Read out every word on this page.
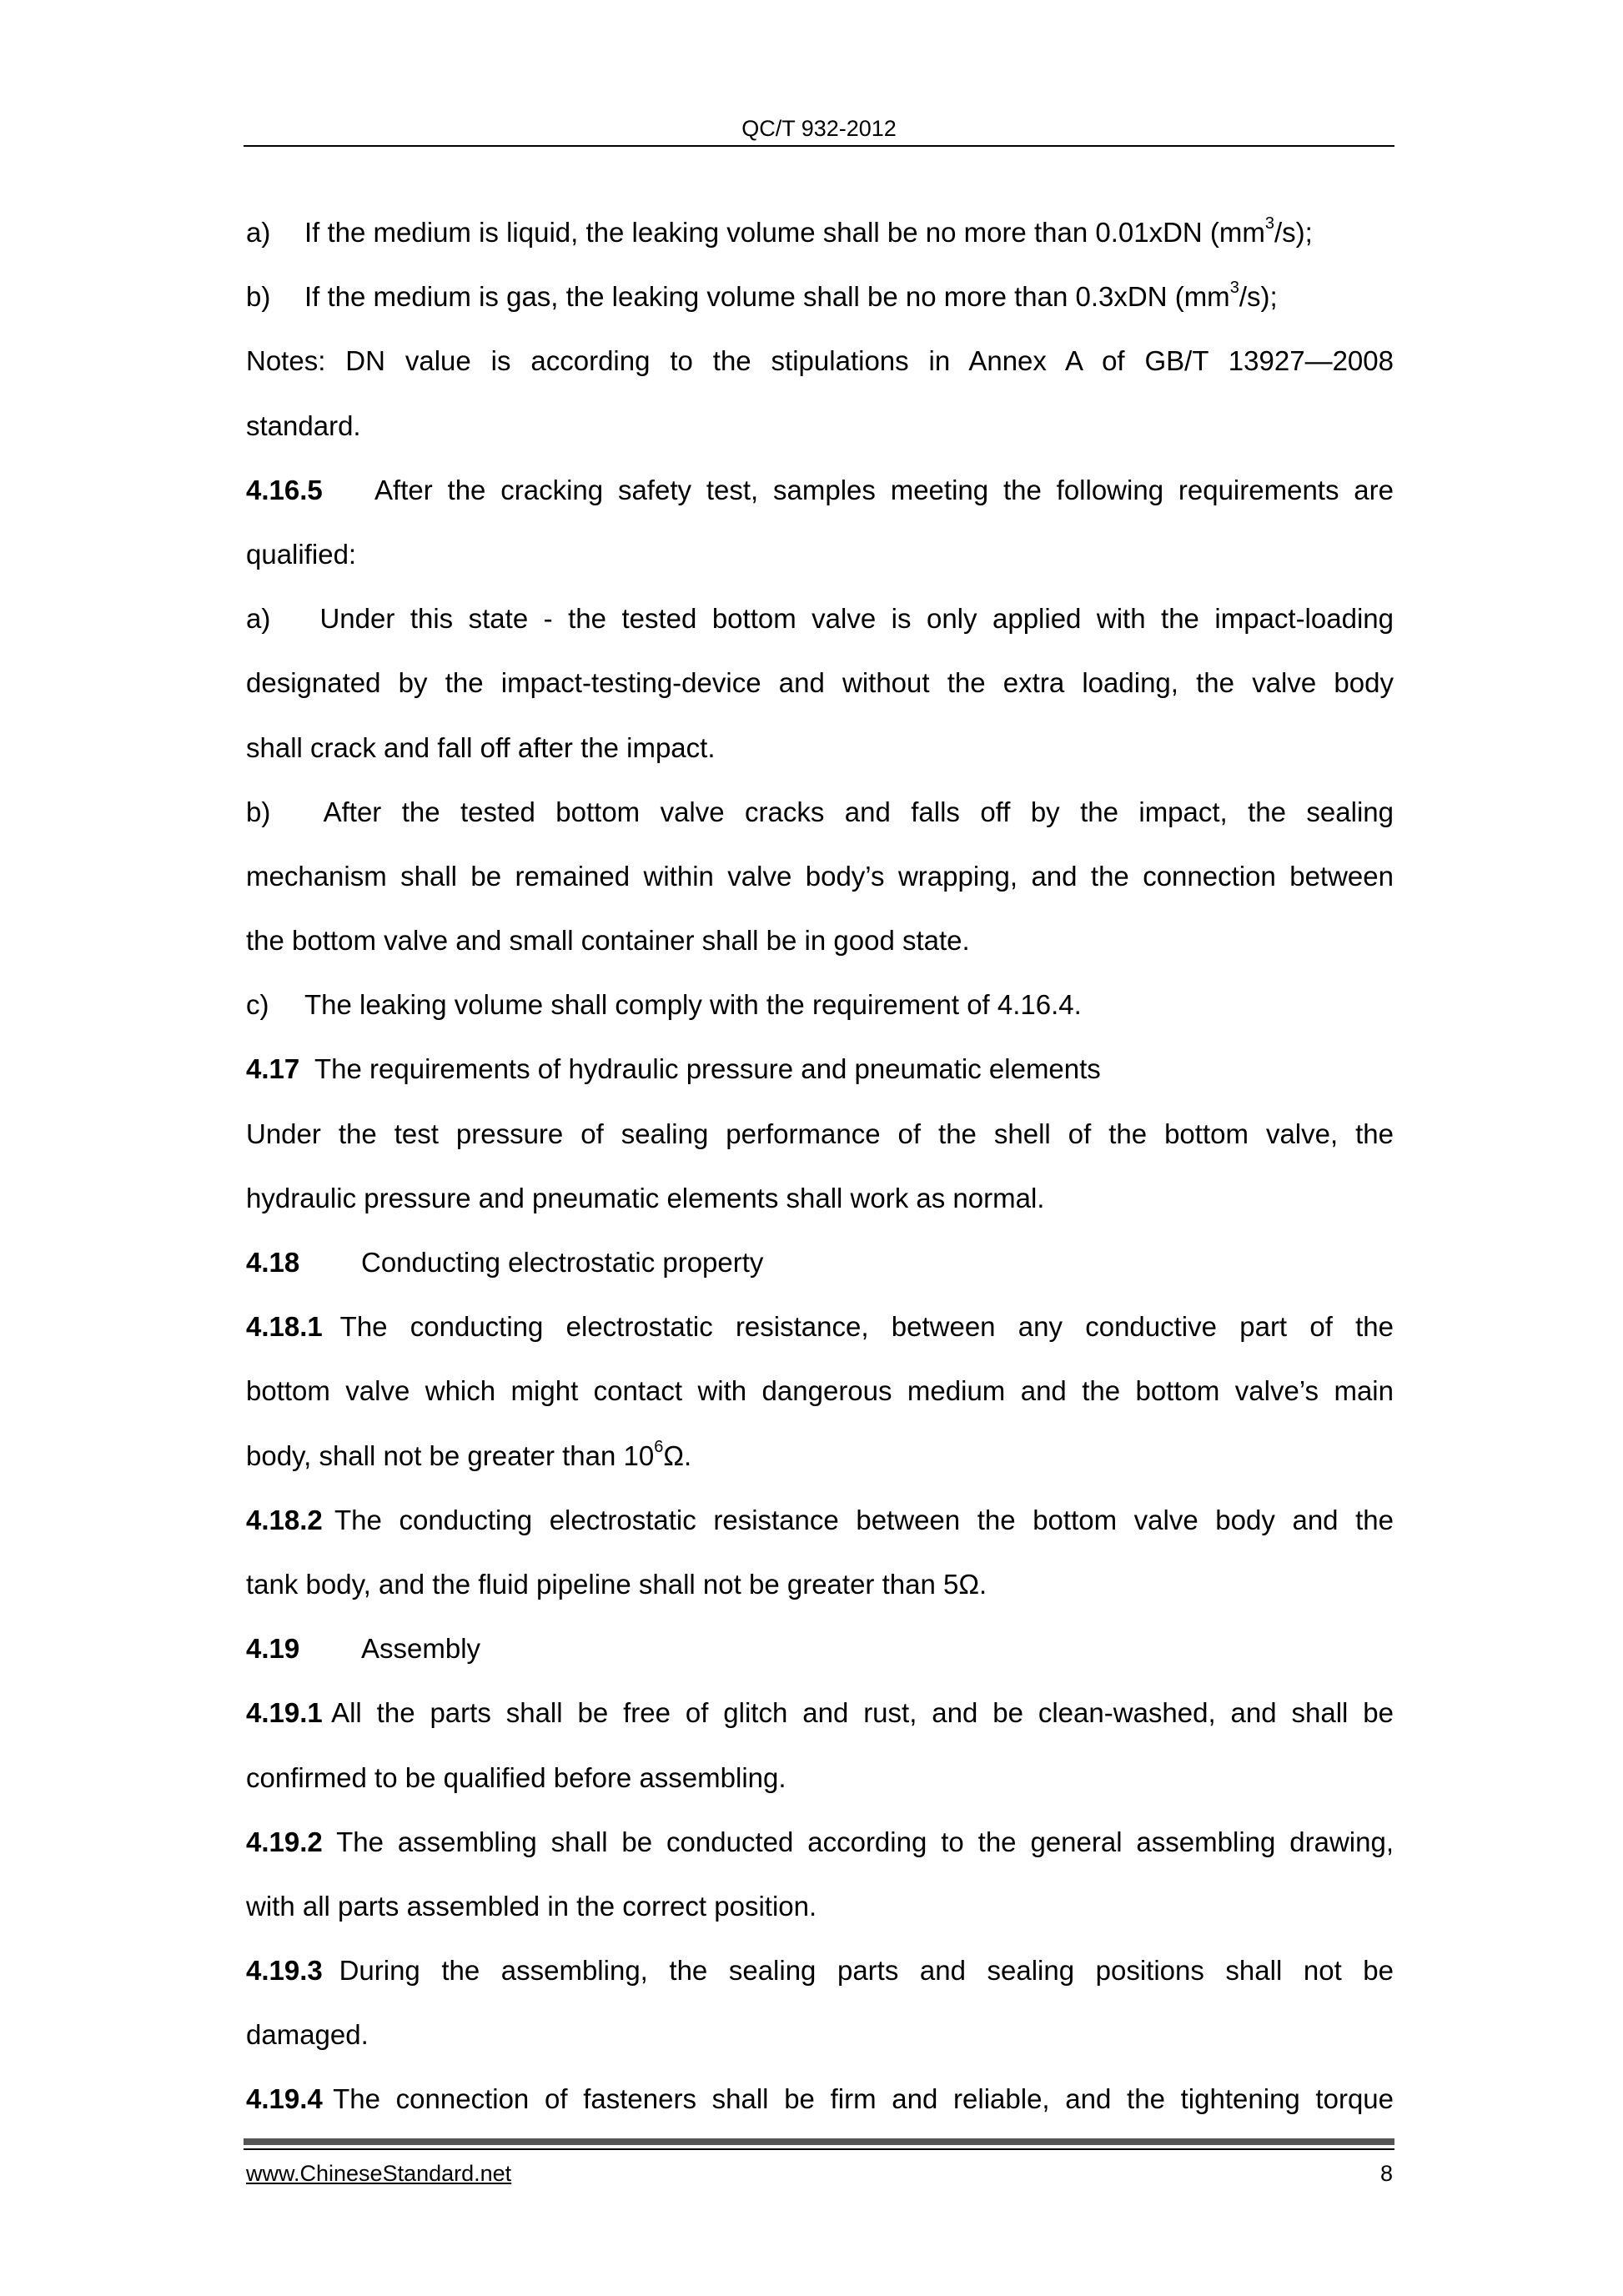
QC/T 932-2012
a) If the medium is liquid, the leaking volume shall be no more than 0.01xDN $(mm^3/s)$;
b) If the medium is gas, the leaking volume shall be no more than 0.3xDN $(mm^3/s)$;
Notes: DN value is according to the stipulations in Annex A of GB/T 13927—2008
standard.
4.16.5 After the cracking safety test, samples meeting the following requirements are
qualified:
a) Under this state - the tested bottom valve is only applied with the impact-loading
designated by the impact-testing-device and without the extra loading, the valve body
shall crack and fall off after the impact.
b) After the tested bottom valve cracks and falls off by the impact, the sealing
mechanism shall be remained within valve body’s wrapping, and the connection between
the bottom valve and small container shall be in good state.
c) The leaking volume shall comply with the requirement of 4.16.4.
4.17 The requirements of hydraulic pressure and pneumatic elements
Under the test pressure of sealing performance of the shell of the bottom valve, the
hydraulic pressure and pneumatic elements shall work as normal.
4.18 Conducting electrostatic property
4.18.1 The conducting electrostatic resistance, between any conductive part of the
bottom valve which might contact with dangerous medium and the bottom valve’s main
body, shall not be greater than $10^6\Omega$.
4.18.2 The conducting electrostatic resistance between the bottom valve body and the
tank body, and the fluid pipeline shall not be greater than 5Ω.
4.19 Assembly
4.19.1 All the parts shall be free of glitch and rust, and be clean-washed, and shall be
confirmed to be qualified before assembling.
4.19.2 The assembling shall be conducted according to the general assembling drawing,
with all parts assembled in the correct position.
4.19.3 During the assembling, the sealing parts and sealing positions shall not be
damaged.
4.19.4 The connection of fasteners shall be firm and reliable, and the tightening torque
www.ChineseStandard.net	8
